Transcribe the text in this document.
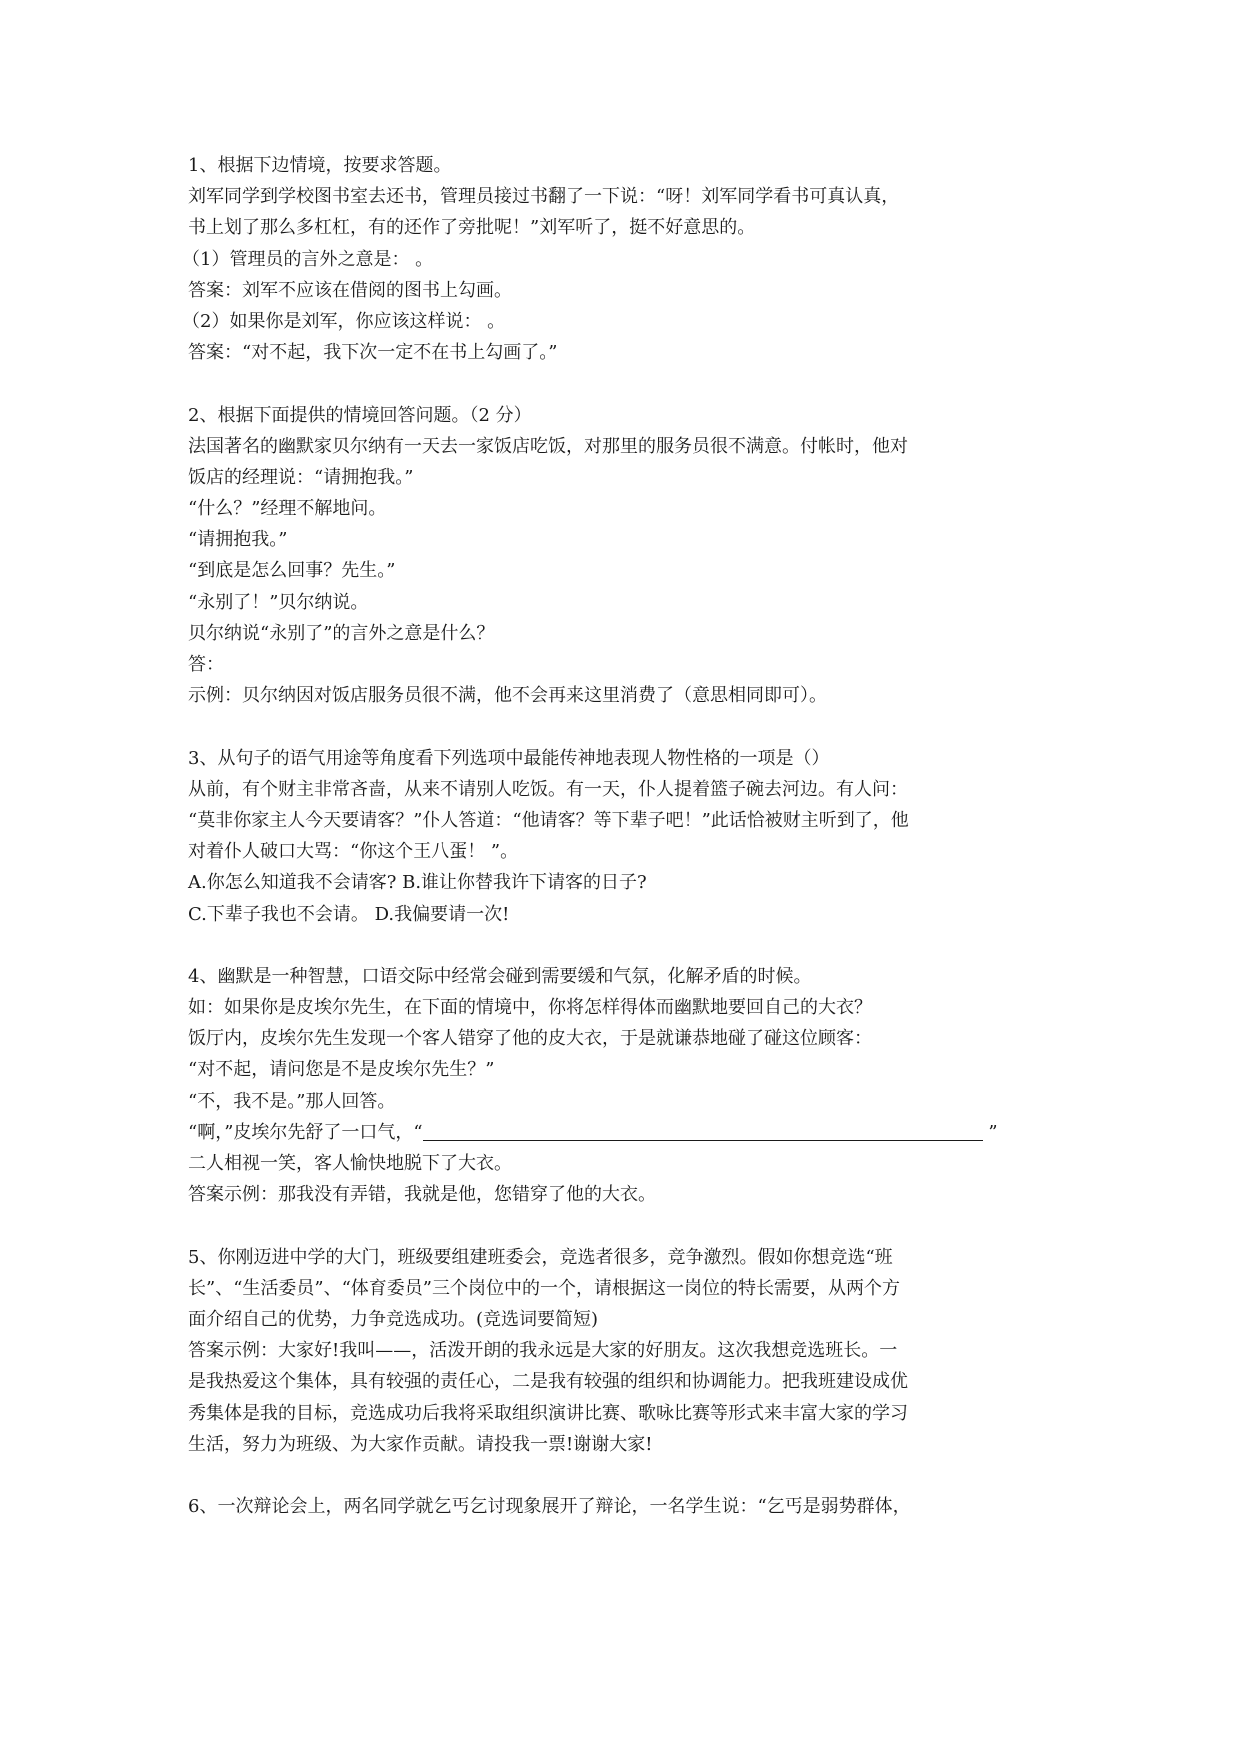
1、根据下边情境，按要求答题。
刘军同学到学校图书室去还书，管理员接过书翻了一下说：“呀！刘军同学看书可真认真，
书上划了那么多杠杠，有的还作了旁批呢！”刘军听了，挺不好意思的。
（1）管理员的言外之意是： 。
答案：刘军不应该在借阅的图书上勾画。
（2）如果你是刘军，你应该这样说： 。
答案：“对不起，我下次一定不在书上勾画了。”
2、根据下面提供的情境回答问题。（2 分）
法国著名的幽默家贝尔纳有一天去一家饭店吃饭，对那里的服务员很不满意。付帐时，他对
饭店的经理说：“请拥抱我。”
“什么？”经理不解地问。
“请拥抱我。”
“到底是怎么回事？先生。”
“永别了！”贝尔纳说。
贝尔纳说“永别了”的言外之意是什么？
答：
示例：贝尔纳因对饭店服务员很不满，他不会再来这里消费了（意思相同即可）。
3、从句子的语气用途等角度看下列选项中最能传神地表现人物性格的一项是（）
从前，有个财主非常吝啬，从来不请别人吃饭。有一天，仆人提着篮子碗去河边。有人问：
“莫非你家主人今天要请客？”仆人答道：“他请客？等下辈子吧！”此话恰被财主听到了，他
对着仆人破口大骂：“你这个王八蛋！ ”。
A.你怎么知道我不会请客? B.谁让你替我许下请客的日子?
C.下辈子我也不会请。 D.我偏要请一次!
4、幽默是一种智慧，口语交际中经常会碰到需要缓和气氛，化解矛盾的时候。
如：如果你是皮埃尔先生，在下面的情境中，你将怎样得体而幽默地要回自己的大衣？
饭厅内，皮埃尔先生发现一个客人错穿了他的皮大衣，于是就谦恭地碰了碰这位顾客：
“对不起，请问您是不是皮埃尔先生？”
“不，我不是。”那人回答。
“啊，”皮埃尔先舒了一口气，“	”
二人相视一笑，客人愉快地脱下了大衣。
答案示例：那我没有弄错，我就是他，您错穿了他的大衣。
5、你刚迈进中学的大门，班级要组建班委会，竞选者很多，竞争激烈。假如你想竞选“班
长”、“生活委员”、“体育委员”三个岗位中的一个，请根据这一岗位的特长需要，从两个方
面介绍自己的优势，力争竞选成功。(竞选词要简短)
答案示例：大家好!我叫——，活泼开朗的我永远是大家的好朋友。这次我想竞选班长。一
是我热爱这个集体，具有较强的责任心，二是我有较强的组织和协调能力。把我班建设成优
秀集体是我的目标，竞选成功后我将采取组织演讲比赛、歌咏比赛等形式来丰富大家的学习
生活，努力为班级、为大家作贡献。请投我一票!谢谢大家!
6、一次辩论会上，两名同学就乞丐乞讨现象展开了辩论，一名学生说：“乞丐是弱势群体，
